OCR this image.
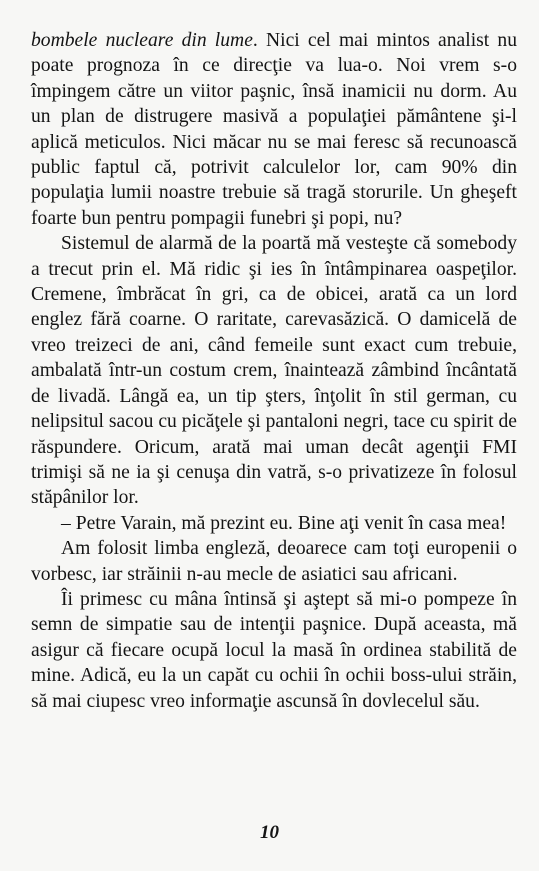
bombele nucleare din lume. Nici cel mai mintos analist nu poate prognoza în ce direcţie va lua-o. Noi vrem s-o împingem către un viitor paşnic, însă inamicii nu dorm. Au un plan de distrugere masivă a populaţiei pământene şi-l aplică meticulos. Nici măcar nu se mai feresc să recunoască public faptul că, potrivit calculelor lor, cam 90% din populaţia lumii noastre trebuie să tragă storurile. Un gheşeft foarte bun pentru pompagii funebri şi popi, nu?

Sistemul de alarmă de la poartă mă vesteşte că somebody a trecut prin el. Mă ridic şi ies în întâmpinarea oaspeţilor. Cremene, îmbrăcat în gri, ca de obicei, arată ca un lord englez fără coarne. O raritate, carevasăzică. O damicelă de vreo treizeci de ani, când femeile sunt exact cum trebuie, ambalată într-un costum crem, înaintează zâmbind încântată de livadă. Lângă ea, un tip şters, înţolit în stil german, cu nelipsitul sacou cu picăţele şi pantaloni negri, tace cu spirit de răspundere. Oricum, arată mai uman decât agenţii FMI trimişi să ne ia şi cenuşa din vatră, s-o privatizeze în folosul stăpânilor lor.

– Petre Varain, mă prezint eu. Bine aţi venit în casa mea!

Am folosit limba engleză, deoarece cam toţi europenii o vorbesc, iar străinii n-au mecle de asiatici sau africani.

Îi primesc cu mâna întinsă şi aştept să mi-o pompeze în semn de simpatie sau de intenţii paşnice. După aceasta, mă asigur că fiecare ocupă locul la masă în ordinea stabilită de mine. Adică, eu la un capăt cu ochii în ochii boss-ului străin, să mai ciupesc vreo informaţie ascunsă în dovlecelul său.

10
